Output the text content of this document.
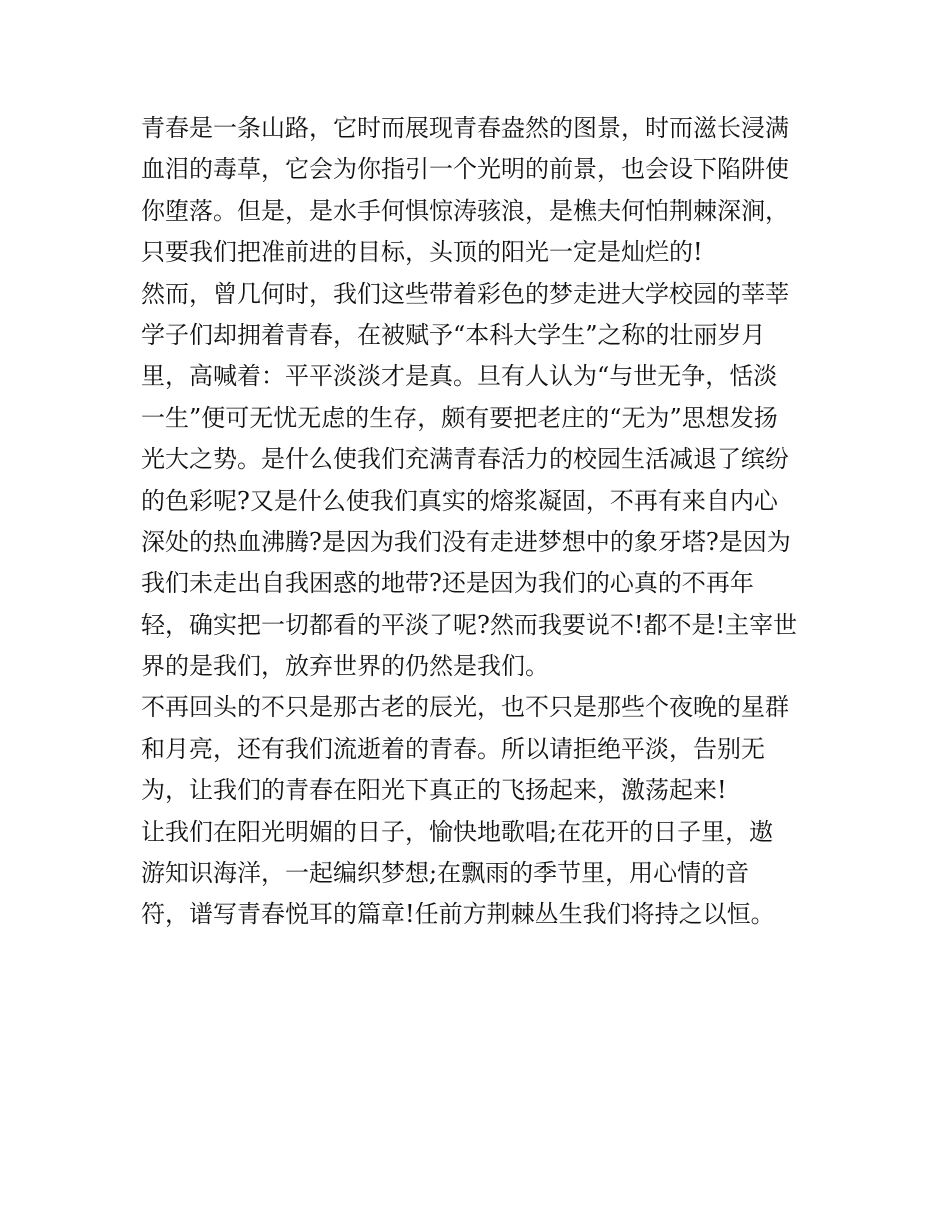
青春是一条山路，它时而展现青春盎然的图景，时而滋长浸满
血泪的毒草，它会为你指引一个光明的前景，也会设下陷阱使
你堕落。但是，是水手何惧惊涛骇浪，是樵夫何怕荆棘深涧，
只要我们把准前进的目标，头顶的阳光一定是灿烂的!
然而，曾几何时，我们这些带着彩色的梦走进大学校园的莘莘
学子们却拥着青春，在被赋予“本科大学生”之称的壮丽岁月
里，高喊着：平平淡淡才是真。旦有人认为“与世无争，恬淡
一生”便可无忧无虑的生存，颇有要把老庄的“无为”思想发扬
光大之势。是什么使我们充满青春活力的校园生活减退了缤纷
的色彩呢?又是什么使我们真实的熔浆凝固，不再有来自内心
深处的热血沸腾?是因为我们没有走进梦想中的象牙塔?是因为
我们未走出自我困惑的地带?还是因为我们的心真的不再年
轻，确实把一切都看的平淡了呢?然而我要说不!都不是!主宰世
界的是我们，放弃世界的仍然是我们。
不再回头的不只是那古老的辰光，也不只是那些个夜晚的星群
和月亮，还有我们流逝着的青春。所以请拒绝平淡，告别无
为，让我们的青春在阳光下真正的飞扬起来，激荡起来!
让我们在阳光明媚的日子，愉快地歌唱;在花开的日子里，遨
游知识海洋，一起编织梦想;在飘雨的季节里，用心情的音
符，谱写青春悦耳的篇章!任前方荆棘丛生我们将持之以恒。
